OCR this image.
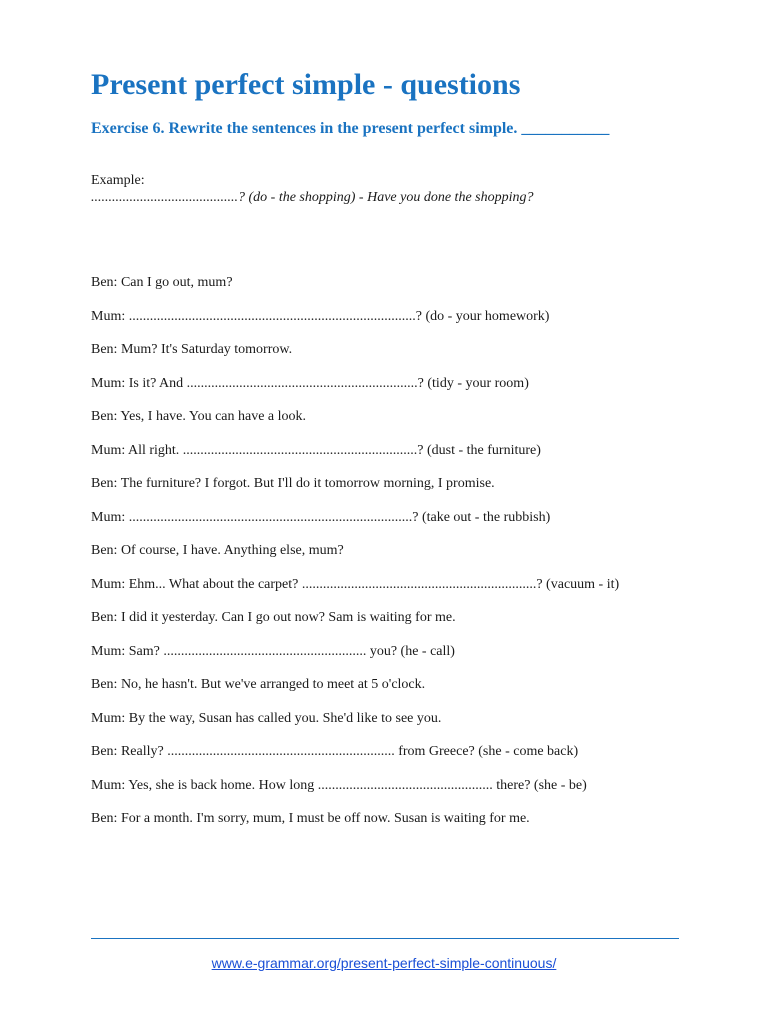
Present perfect simple - questions
Exercise 6. Rewrite the sentences in the present perfect simple. ___________
Example:
..........................................? (do - the shopping) - Have you done the shopping?
Ben: Can I go out, mum?
Mum: ..................................................................................? (do - your homework)
Ben: Mum? It's Saturday tomorrow.
Mum: Is it? And ..................................................................? (tidy - your room)
Ben: Yes, I have. You can have a look.
Mum: All right. ...................................................................? (dust - the furniture)
Ben: The furniture? I forgot. But I'll do it tomorrow morning, I promise.
Mum: .................................................................................? (take out - the rubbish)
Ben: Of course, I have. Anything else, mum?
Mum: Ehm... What about the carpet? ...................................................................? (vacuum - it)
Ben: I did it yesterday. Can I go out now? Sam is waiting for me.
Mum: Sam? .......................................................... you? (he - call)
Ben: No, he hasn't. But we've arranged to meet at 5 o'clock.
Mum: By the way, Susan has called you. She'd like to see you.
Ben: Really? ................................................................. from Greece? (she - come back)
Mum: Yes, she is back home. How long .................................................. there? (she - be)
Ben: For a month. I'm sorry, mum, I must be off now. Susan is waiting for me.
www.e-grammar.org/present-perfect-simple-continuous/
